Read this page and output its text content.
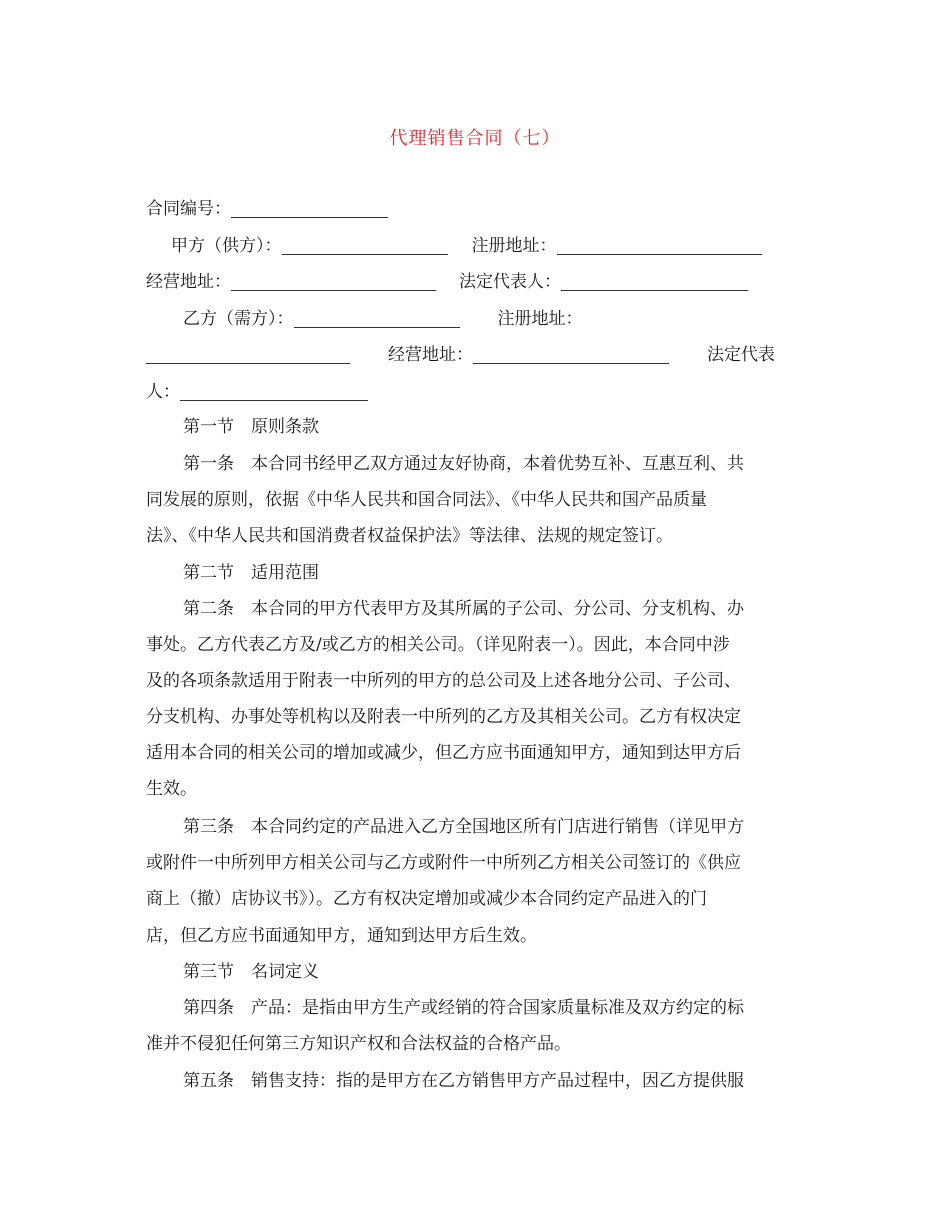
代理销售合同（七）
合同编号：
甲方（供方）：	注册地址：
经营地址：	法定代表人：
乙方（需方）：	注册地址：
经营地址：	法定代表
人：
第一节　原则条款
第一条　本合同书经甲乙双方通过友好协商，本着优势互补、互惠互利、共
同发展的原则，依据《中华人民共和国合同法》、《中华人民共和国产品质量
法》、《中华人民共和国消费者权益保护法》等法律、法规的规定签订。
第二节　适用范围
第二条　本合同的甲方代表甲方及其所属的子公司、分公司、分支机构、办
事处。乙方代表乙方及/或乙方的相关公司。（详见附表一）。因此，本合同中涉
及的各项条款适用于附表一中所列的甲方的总公司及上述各地分公司、子公司、
分支机构、办事处等机构以及附表一中所列的乙方及其相关公司。乙方有权决定
适用本合同的相关公司的增加或减少，但乙方应书面通知甲方，通知到达甲方后
生效。
第三条　本合同约定的产品进入乙方全国地区所有门店进行销售（详见甲方
或附件一中所列甲方相关公司与乙方或附件一中所列乙方相关公司签订的《供应
商上（撤）店协议书》）。乙方有权决定增加或减少本合同约定产品进入的门
店，但乙方应书面通知甲方，通知到达甲方后生效。
第三节　名词定义
第四条　产品：是指由甲方生产或经销的符合国家质量标准及双方约定的标
准并不侵犯任何第三方知识产权和合法权益的合格产品。
第五条　销售支持：指的是甲方在乙方销售甲方产品过程中，因乙方提供服
